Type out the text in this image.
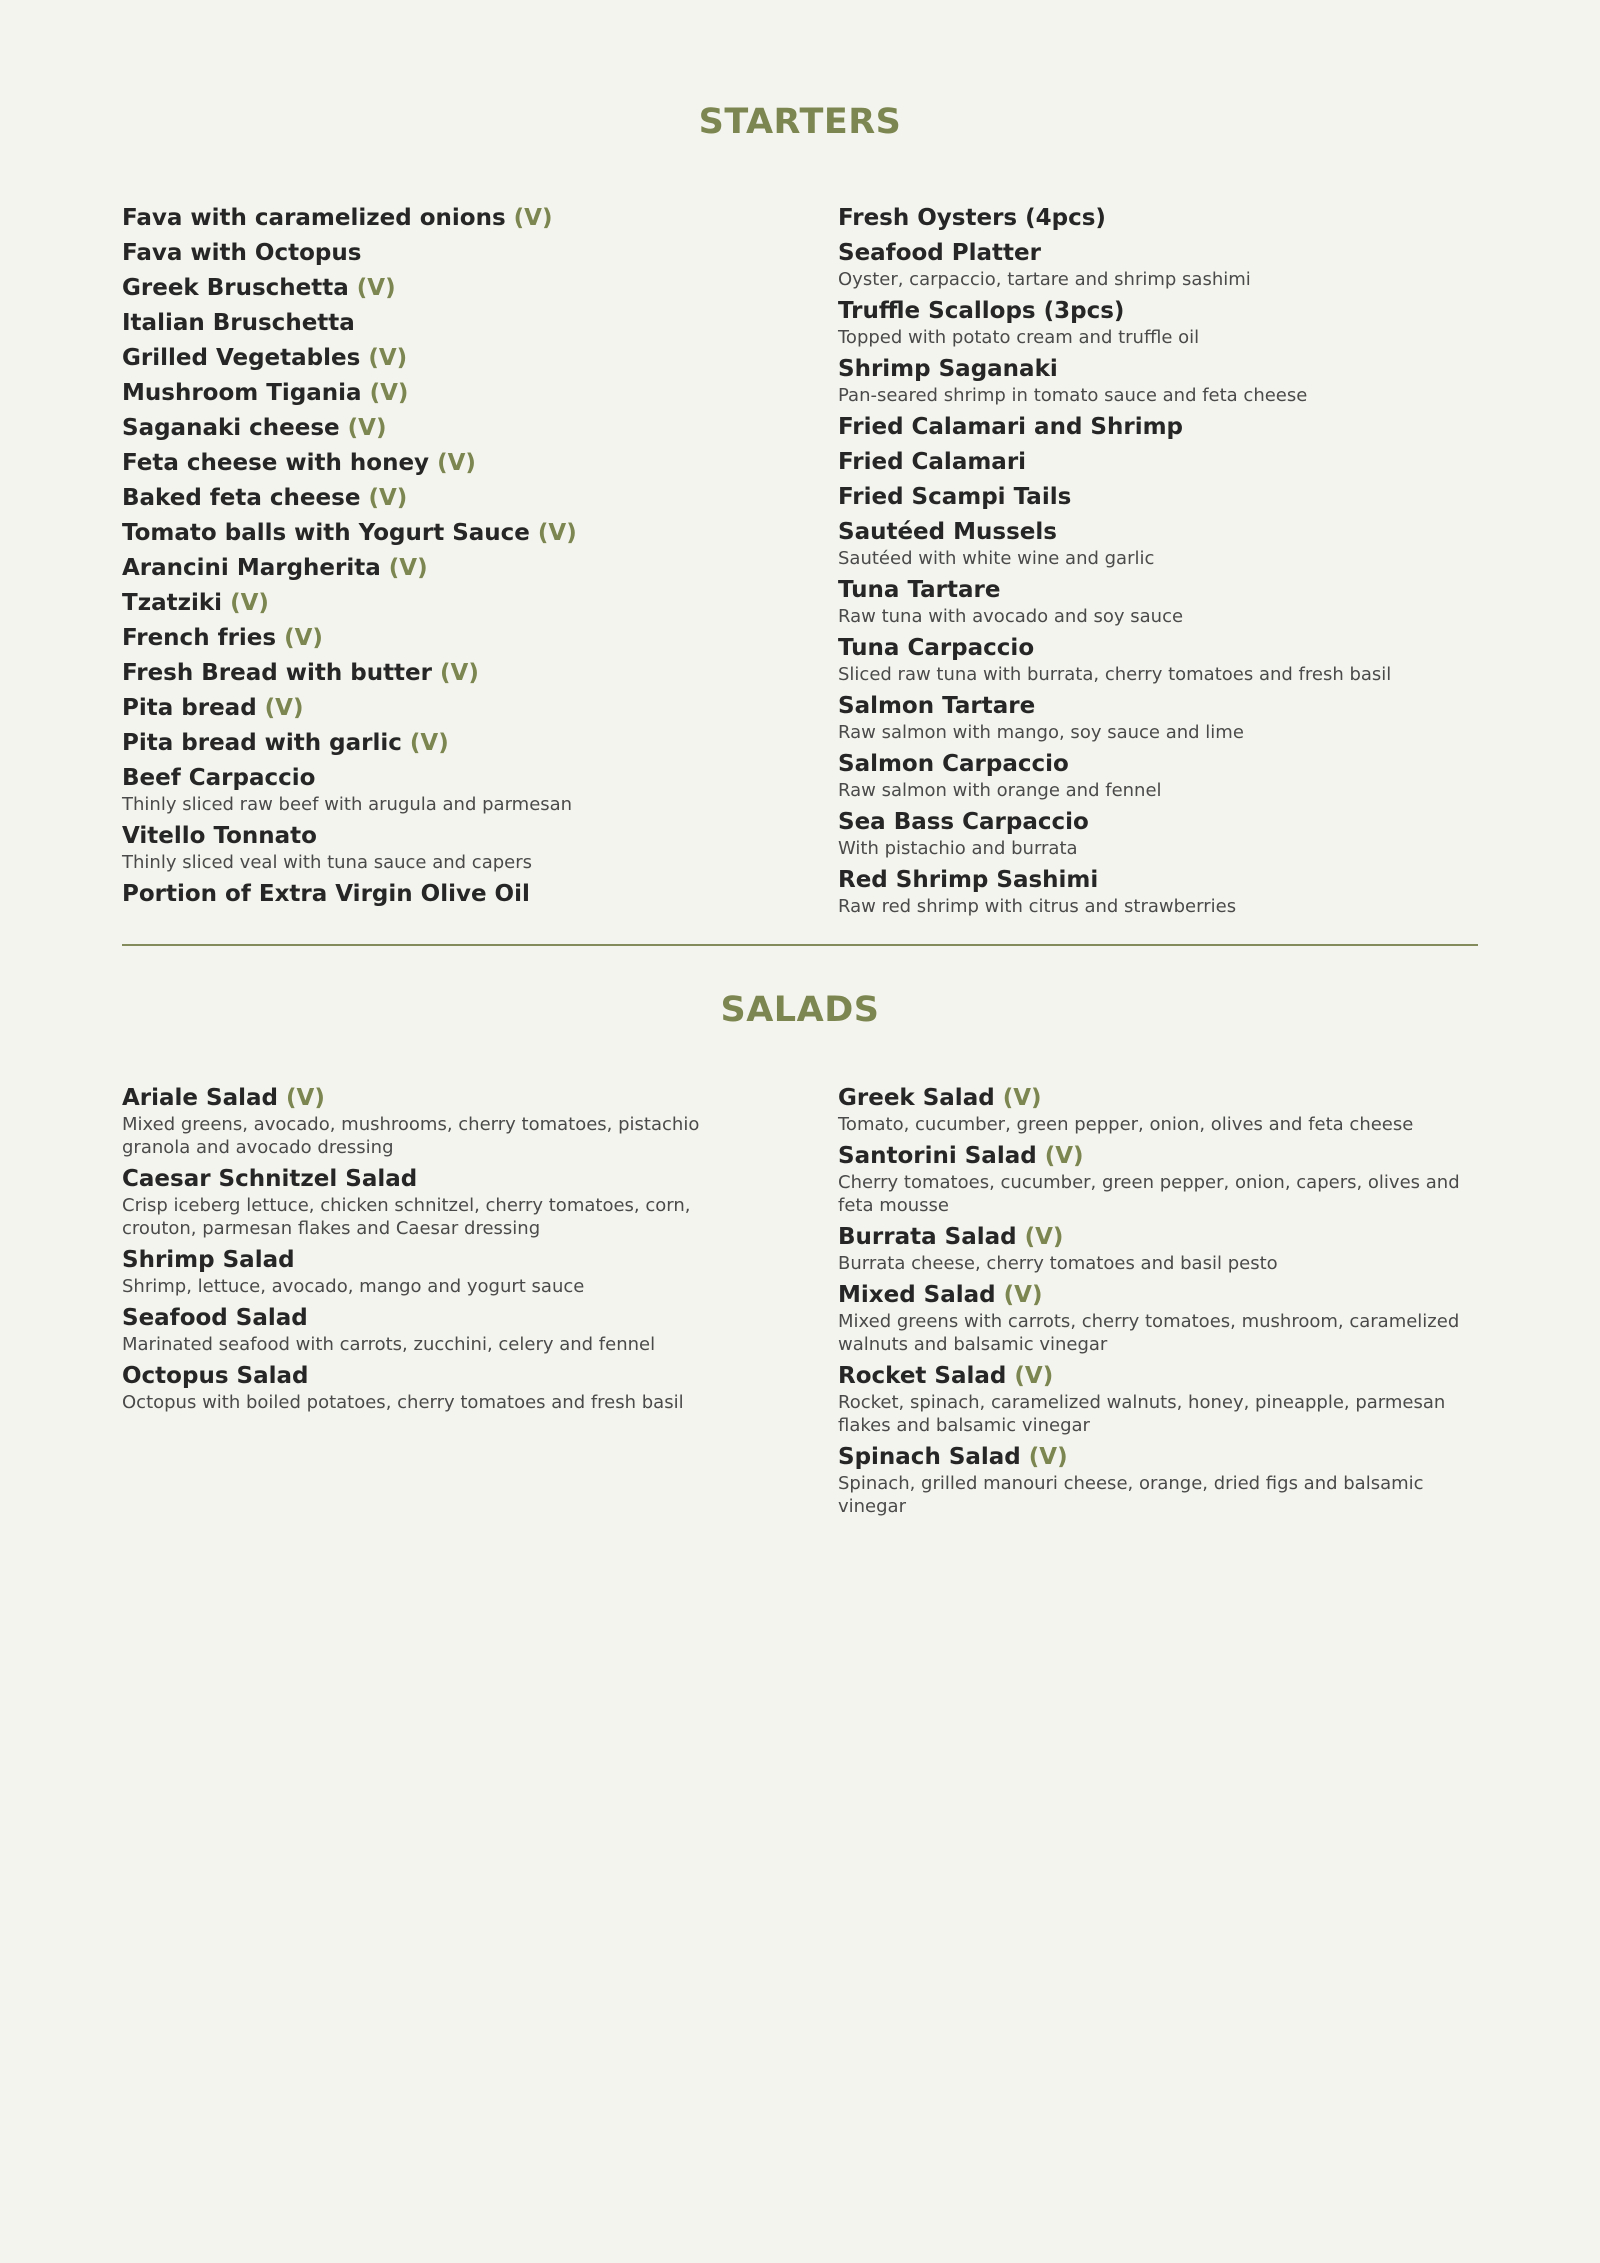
STARTERS
Fava with caramelized onions (V)
Fava with Octopus
Greek Bruschetta (V)
Italian Bruschetta
Grilled Vegetables (V)
Mushroom Tigania (V)
Saganaki cheese (V)
Feta cheese with honey (V)
Baked feta cheese (V)
Tomato balls with Yogurt Sauce (V)
Arancini Margherita (V)
Tzatziki (V)
French fries (V)
Fresh Bread with butter (V)
Pita bread (V)
Pita bread with garlic (V)
Beef Carpaccio
Thinly sliced raw beef with arugula and parmesan
Vitello Tonnato
Thinly sliced veal with tuna sauce and capers
Portion of Extra Virgin Olive Oil
Fresh Oysters (4pcs)
Seafood Platter
Oyster, carpaccio, tartare and shrimp sashimi
Truffle Scallops (3pcs)
Topped with potato cream and truffle oil
Shrimp Saganaki
Pan-seared shrimp in tomato sauce and feta cheese
Fried Calamari and Shrimp
Fried Calamari
Fried Scampi Tails
Sautéed Mussels
Sautéed with white wine and garlic
Tuna Tartare
Raw tuna with avocado and soy sauce
Tuna Carpaccio
Sliced raw tuna with burrata, cherry tomatoes and fresh basil
Salmon Tartare
Raw salmon with mango, soy sauce and lime
Salmon Carpaccio
Raw salmon with orange and fennel
Sea Bass Carpaccio
With pistachio and burrata
Red Shrimp Sashimi
Raw red shrimp with citrus and strawberries
SALADS
Ariale Salad (V)
Mixed greens, avocado, mushrooms, cherry tomatoes, pistachio granola and avocado dressing
Caesar Schnitzel Salad
Crisp iceberg lettuce, chicken schnitzel, cherry tomatoes, corn, crouton, parmesan flakes and Caesar dressing
Shrimp Salad
Shrimp, lettuce, avocado, mango and yogurt sauce
Seafood Salad
Marinated seafood with carrots, zucchini, celery and fennel
Octopus Salad
Octopus with boiled potatoes, cherry tomatoes and fresh basil
Greek Salad (V)
Tomato, cucumber, green pepper, onion, olives and feta cheese
Santorini Salad (V)
Cherry tomatoes, cucumber, green pepper, onion, capers, olives and feta mousse
Burrata Salad (V)
Burrata cheese, cherry tomatoes and basil pesto
Mixed Salad (V)
Mixed greens with carrots, cherry tomatoes, mushroom, caramelized walnuts and balsamic vinegar
Rocket Salad (V)
Rocket, spinach, caramelized walnuts, honey, pineapple, parmesan flakes and balsamic vinegar
Spinach Salad (V)
Spinach, grilled manouri cheese, orange, dried figs and balsamic vinegar
